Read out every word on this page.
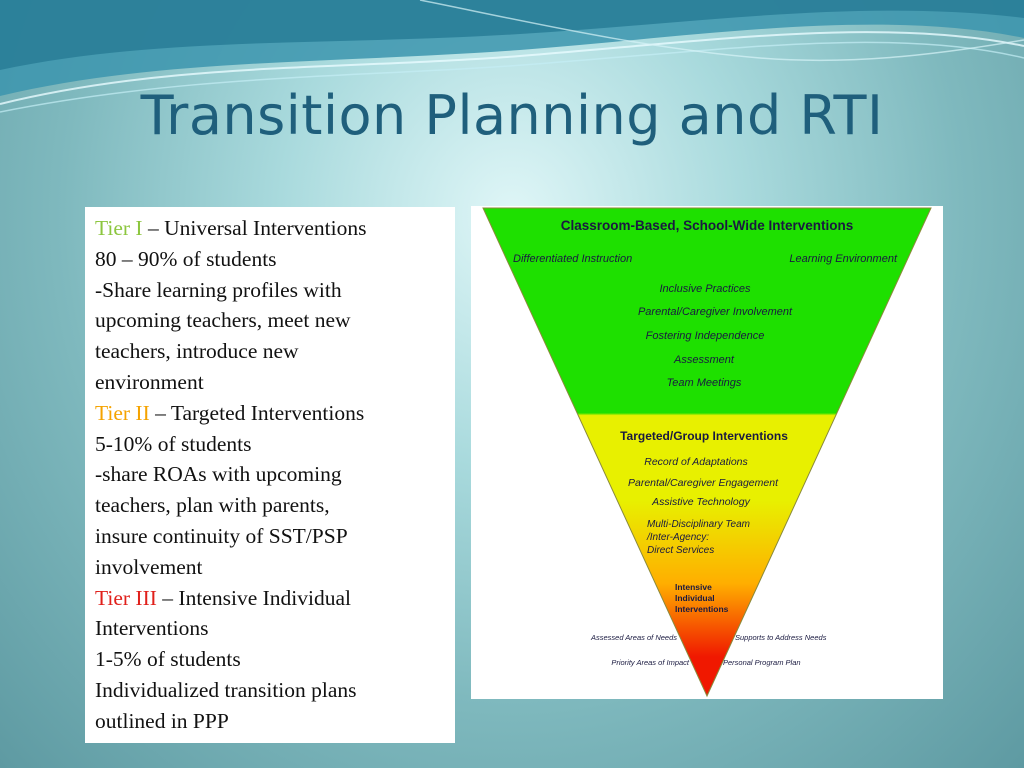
Transition Planning and RTI
Tier I – Universal Interventions
80 – 90% of students
-Share learning profiles with
upcoming teachers, meet new
teachers, introduce new
environment
Tier II – Targeted Interventions
5-10% of students
-share ROAs with upcoming
teachers, plan with parents,
insure continuity of SST/PSP
involvement
Tier III – Intensive Individual
Interventions
1-5% of students
Individualized transition plans
outlined in PPP
Classroom-Based, School-Wide Interventions
Differentiated Instruction	Learning Environment
Inclusive Practices
Parental/Caregiver Involvement
Fostering Independence
Assessment
Team Meetings
Targeted/Group Interventions
Record of Adaptations
Parental/Caregiver Engagement
Assistive Technology
Multi-Disciplinary Team
/Inter-Agency:
Direct Services
Intensive
Individual
Interventions
Assessed Areas of Needs
Priority Areas of Impact
Supports to Address Needs
Personal Program Plan
